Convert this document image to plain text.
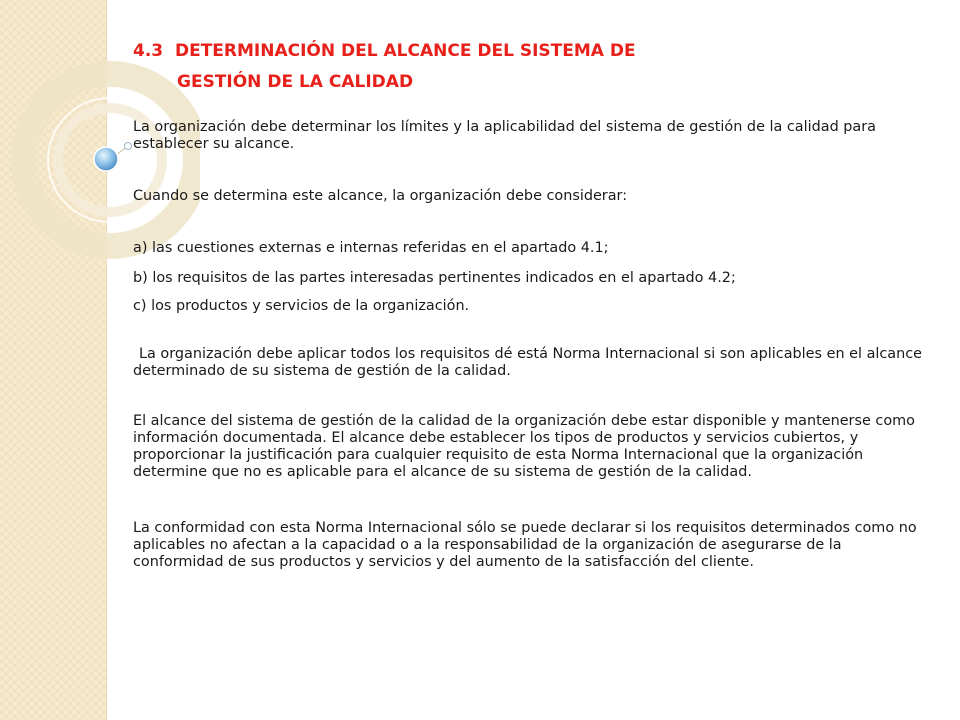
4.3 DETERMINACIÓN DEL ALCANCE DEL SISTEMA DE
GESTIÓN DE LA CALIDAD

La organización debe determinar los límites y la aplicabilidad del sistema de gestión de la calidad para establecer su alcance.

Cuando se determina este alcance, la organización debe considerar:

a) las cuestiones externas e internas referidas en el apartado 4.1;

b) los requisitos de las partes interesadas pertinentes indicados en el apartado 4.2;

c) los productos y servicios de la organización.

La organización debe aplicar todos los requisitos dé está Norma Internacional si son aplicables en el alcance determinado de su sistema de gestión de la calidad.

El alcance del sistema de gestión de la calidad de la organización debe estar disponible y mantenerse como información documentada. El alcance debe establecer los tipos de productos y servicios cubiertos, y proporcionar la justificación para cualquier requisito de esta Norma Internacional que la organización determine que no es aplicable para el alcance de su sistema de gestión de la calidad.

La conformidad con esta Norma Internacional sólo se puede declarar si los requisitos determinados como no aplicables no afectan a la capacidad o a la responsabilidad de la organización de asegurarse de la conformidad de sus productos y servicios y del aumento de la satisfacción del cliente.
